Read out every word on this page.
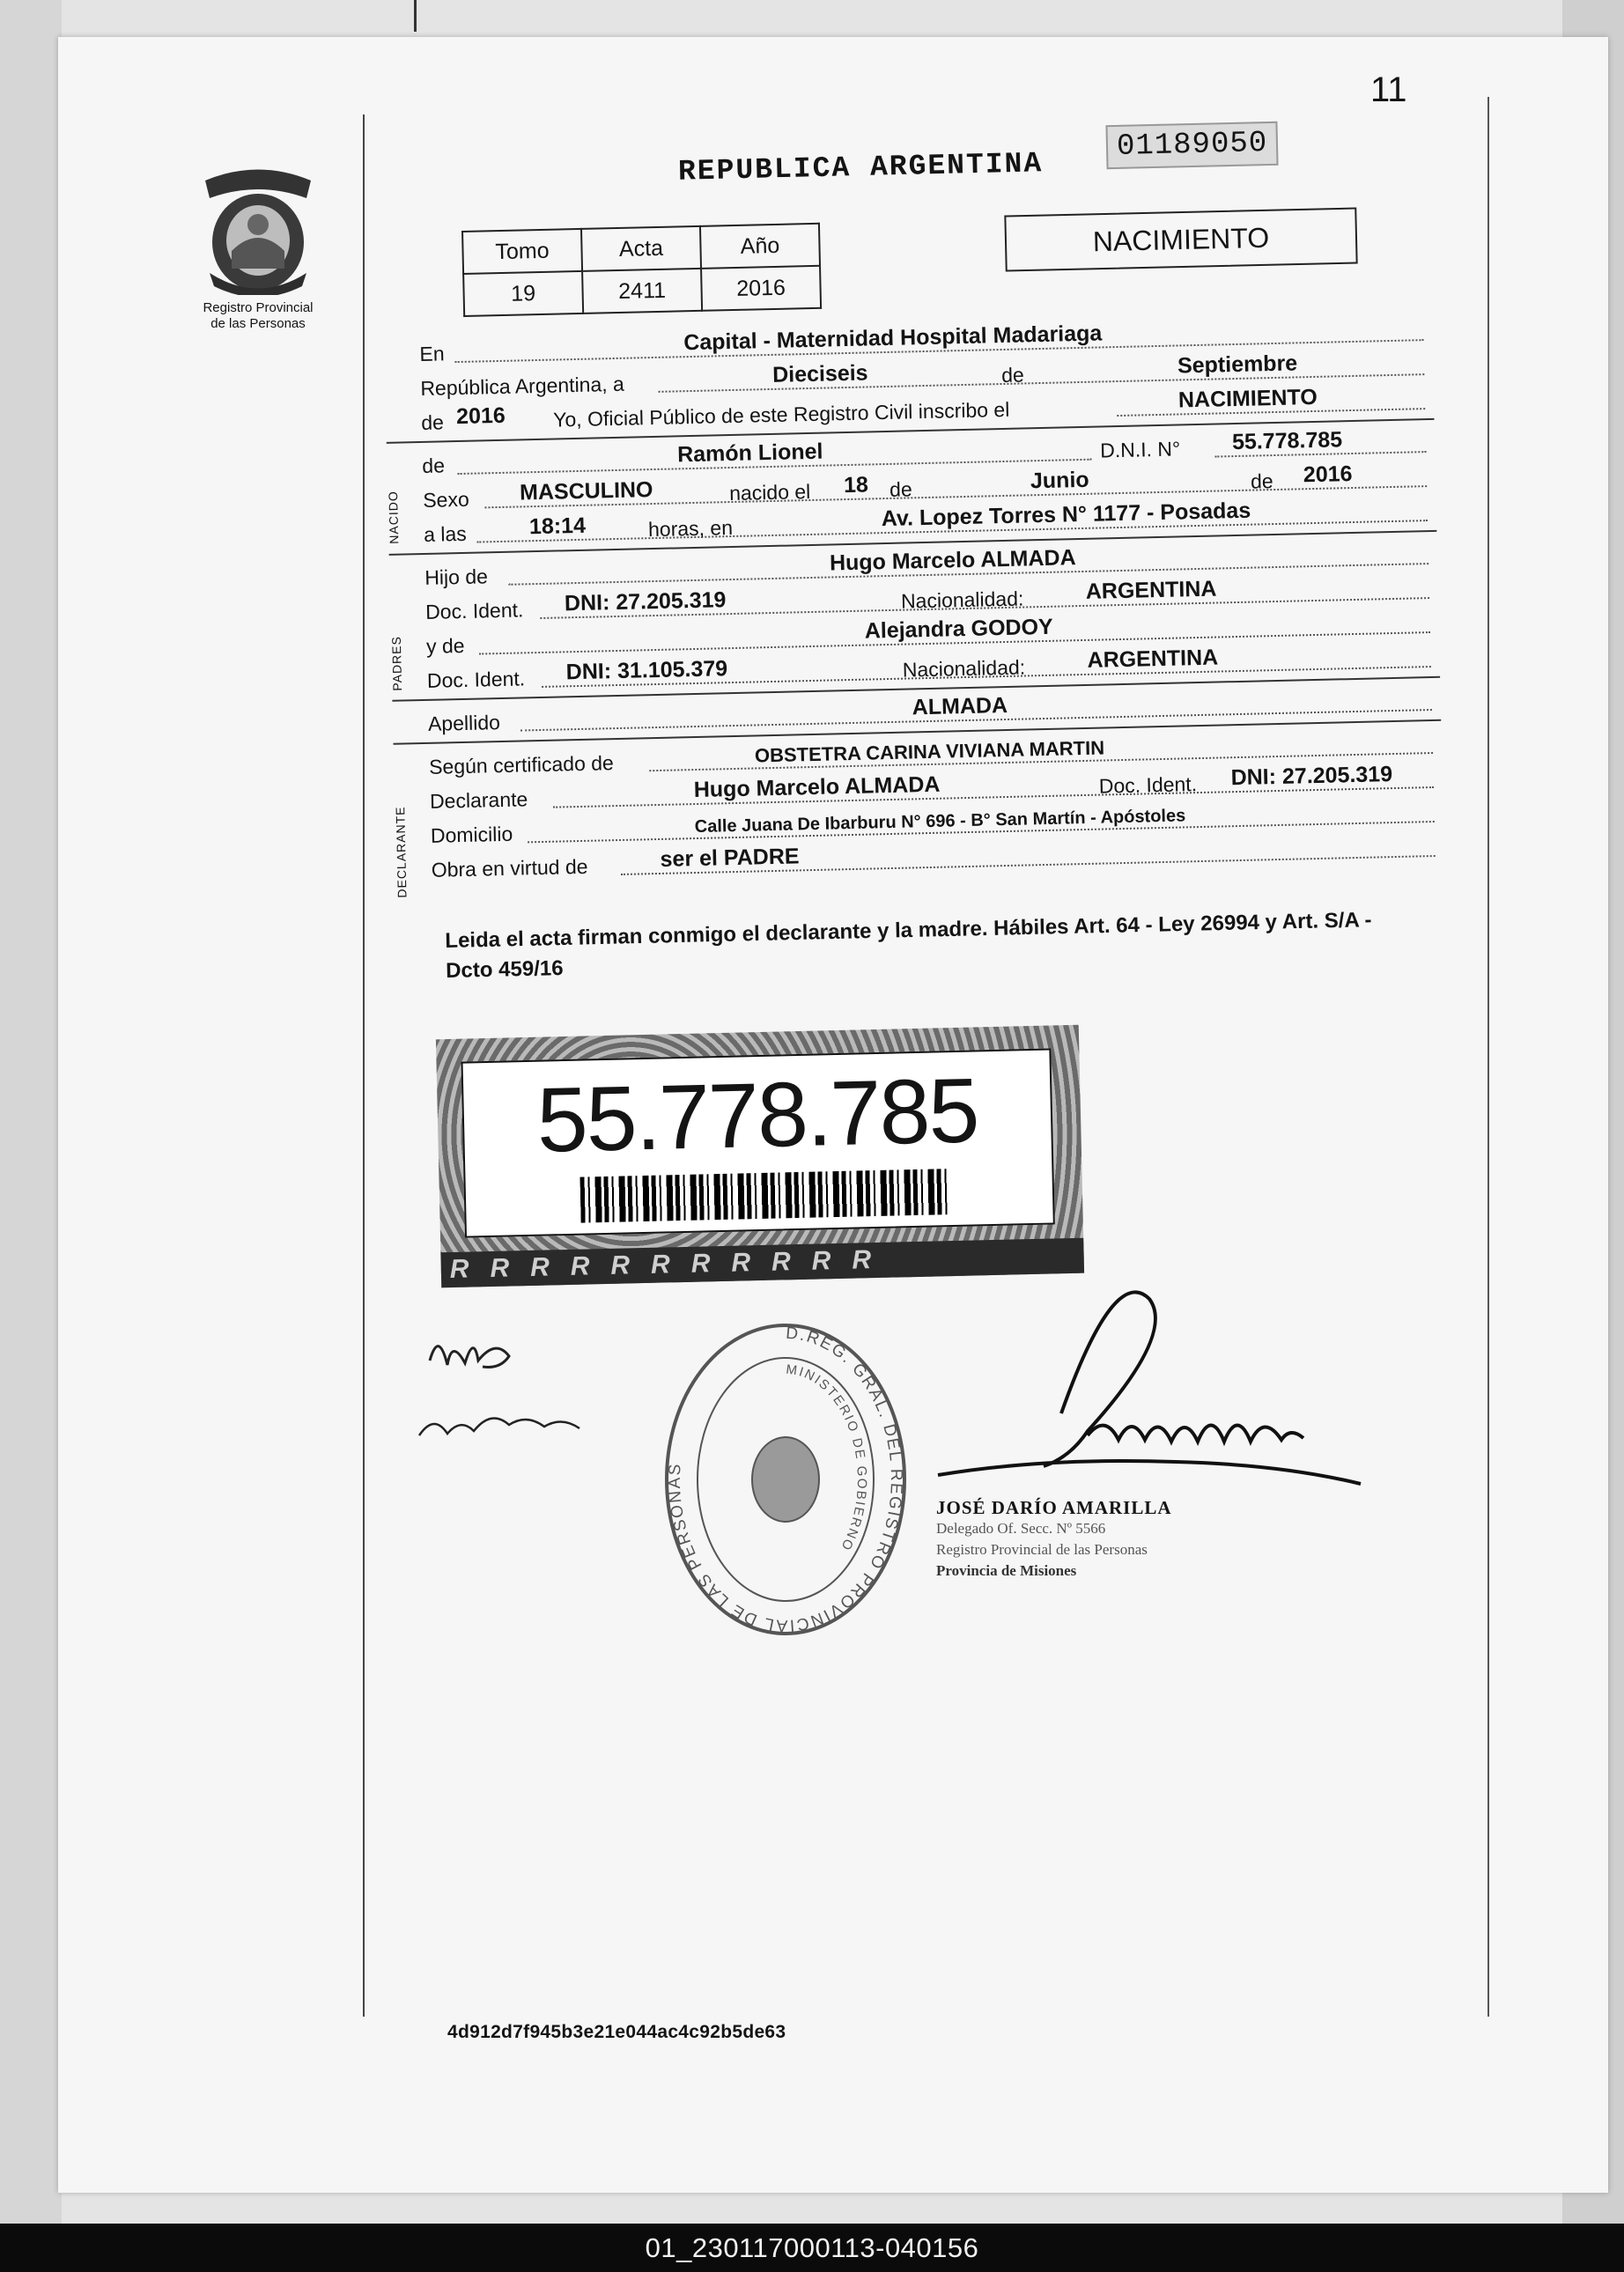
11
Registro Provincial
de las Personas
REPUBLICA ARGENTINA
01189050
Tomo	Acta	Año
19	2411	2016
NACIMIENTO
En	Capital - Maternidad Hospital Madariaga
República Argentina, a	Dieciseis	de	Septiembre
de 2016 Yo, Oficial Público de este Registro Civil inscribo el	NACIMIENTO
NACIDO
de	Ramón Lionel	D.N.I. N° 55.778.785
Sexo MASCULINO	nacido el 18 de	Junio	de 2016
a las	18:14	horas, en	Av. Lopez Torres N° 1177 - Posadas
PADRES
Hijo de
Hugo Marcelo ALMADA
Doc. Ident. DNI: 27.205.319	Nacionalidad:	ARGENTINA
y de
Alejandra GODOY
Doc. Ident. DNI: 31.105.379	Nacionalidad:	ARGENTINA
Apellido
ALMADA
DECLARANTE
Según certificado de	OBSTETRA CARINA VIVIANA MARTIN
Declarante	Hugo Marcelo ALMADA	Doc. Ident. DNI: 27.205.319
Domicilio	Calle Juana De Ibarburu N° 696 - B° San Martín - Apóstoles
Obra en virtud de	ser el PADRE
Leida el acta firman conmigo el declarante y la madre. Hábiles Art. 64 - Ley 26994 y Art. S/A - Dcto 459/16
55.778.785
RRRRRRRRRRR
D.REG. GRAL. DEL REGISTRO PROVINCIAL DE LAS PERSONAS
MINISTERIO DE GOBIERNO
JOSÉ DARÍO AMARILLA
Delegado Of. Secc. Nº 5566
Registro Provincial de las Personas
Provincia de Misiones
4d912d7f945b3e21e044ac4c92b5de63
01_230117000113-040156
